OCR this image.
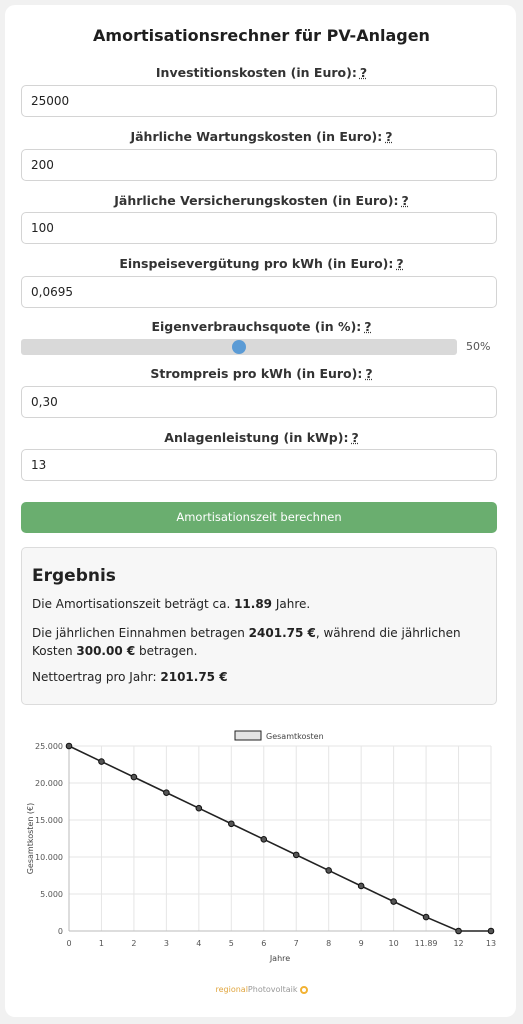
Amortisationsrechner für PV-Anlagen
Investitionskosten (in Euro): ?
25000
Jährliche Wartungskosten (in Euro): ?
200
Jährliche Versicherungskosten (in Euro): ?
100
Einspeisevergütung pro kWh (in Euro): ?
0,0695
Eigenverbrauchsquote (in %): ?
50%
Strompreis pro kWh (in Euro): ?
0,30
Anlagenleistung (in kWp): ?
13
Amortisationszeit berechnen
Ergebnis
Die Amortisationszeit beträgt ca. 11.89 Jahre.
Die jährlichen Einnahmen betragen 2401.75 €, während die jährlichen Kosten 300.00 € betragen.
Nettoertrag pro Jahr: 2101.75 €
0
5.000
10.000
15.000
20.000
25.000
0	1	2	3	4	5	6	7	8	9	10 11.89 12	13
Jahre
Gesamtkosten (€)
Gesamtkosten
regionalPhotovoltaik
